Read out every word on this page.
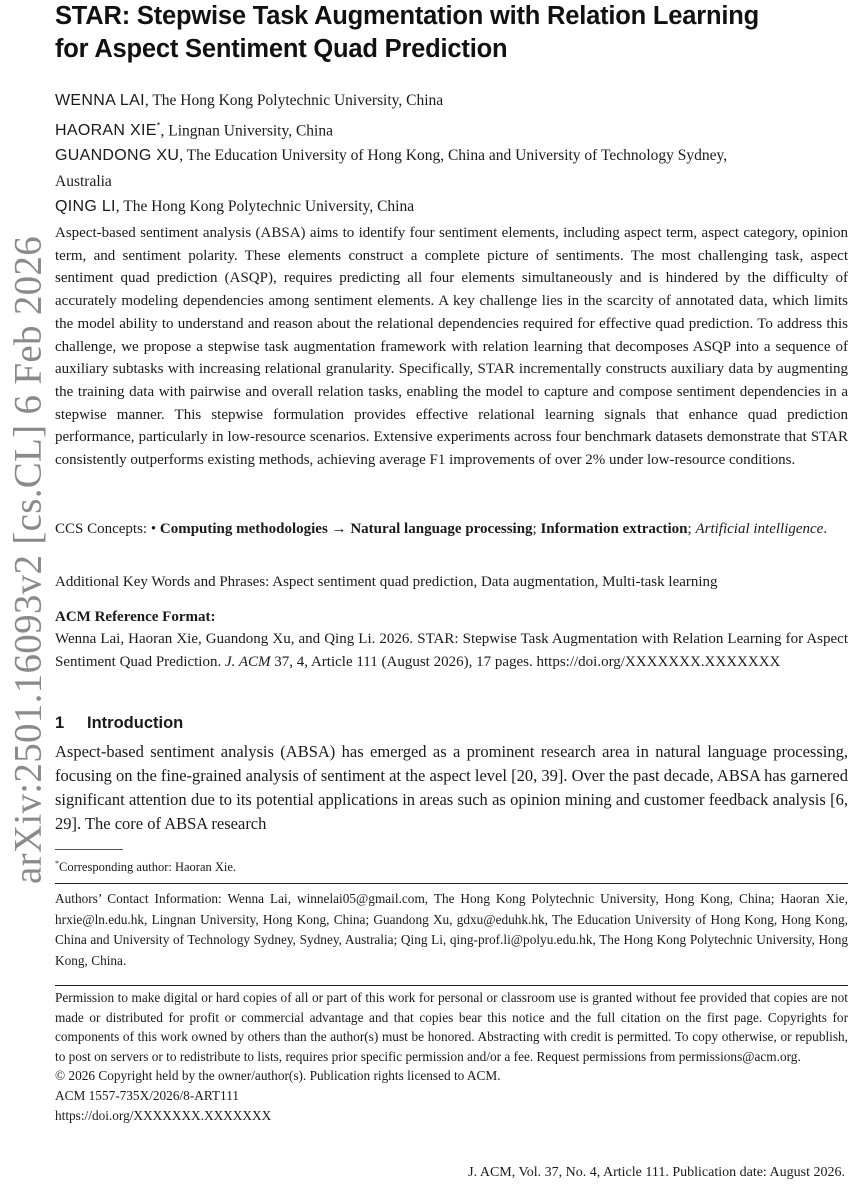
arXiv:2501.16093v2 [cs.CL] 6 Feb 2026
STAR: Stepwise Task Augmentation with Relation Learning
for Aspect Sentiment Quad Prediction
WENNA LAI, The Hong Kong Polytechnic University, China
HAORAN XIE*, Lingnan University, China
GUANDONG XU, The Education University of Hong Kong, China and University of Technology Sydney,
Australia
QING LI, The Hong Kong Polytechnic University, China
Aspect-based sentiment analysis (ABSA) aims to identify four sentiment elements, including aspect term, aspect category, opinion term, and sentiment polarity. These elements construct a complete picture of sentiments. The most challenging task, aspect sentiment quad prediction (ASQP), requires predicting all four elements simultaneously and is hindered by the difficulty of accurately modeling dependencies among sentiment elements. A key challenge lies in the scarcity of annotated data, which limits the model ability to understand and reason about the relational dependencies required for effective quad prediction. To address this challenge, we propose a stepwise task augmentation framework with relation learning that decomposes ASQP into a sequence of auxiliary subtasks with increasing relational granularity. Specifically, STAR incrementally constructs auxiliary data by augmenting the training data with pairwise and overall relation tasks, enabling the model to capture and compose sentiment dependencies in a stepwise manner. This stepwise formulation provides effective relational learning signals that enhance quad prediction performance, particularly in low-resource scenarios. Extensive experiments across four benchmark datasets demonstrate that STAR consistently outperforms existing methods, achieving average F1 improvements of over 2% under low-resource conditions.
CCS Concepts: • Computing methodologies → Natural language processing; Information extraction; Artificial intelligence.
Additional Key Words and Phrases: Aspect sentiment quad prediction, Data augmentation, Multi-task learning
ACM Reference Format:
Wenna Lai, Haoran Xie, Guandong Xu, and Qing Li. 2026. STAR: Stepwise Task Augmentation with Relation Learning for Aspect Sentiment Quad Prediction. J. ACM 37, 4, Article 111 (August 2026), 17 pages. https://doi.org/XXXXXXX.XXXXXXX
1 Introduction
Aspect-based sentiment analysis (ABSA) has emerged as a prominent research area in natural language processing, focusing on the fine-grained analysis of sentiment at the aspect level [20, 39]. Over the past decade, ABSA has garnered significant attention due to its potential applications in areas such as opinion mining and customer feedback analysis [6, 29]. The core of ABSA research
*Corresponding author: Haoran Xie.
Authors’ Contact Information: Wenna Lai, winnelai05@gmail.com, The Hong Kong Polytechnic University, Hong Kong, China; Haoran Xie, hrxie@ln.edu.hk, Lingnan University, Hong Kong, China; Guandong Xu, gdxu@eduhk.hk, The Education University of Hong Kong, Hong Kong, China and University of Technology Sydney, Sydney, Australia; Qing Li, qing-prof.li@polyu.edu.hk, The Hong Kong Polytechnic University, Hong Kong, China.
Permission to make digital or hard copies of all or part of this work for personal or classroom use is granted without fee provided that copies are not made or distributed for profit or commercial advantage and that copies bear this notice and the full citation on the first page. Copyrights for components of this work owned by others than the author(s) must be honored. Abstracting with credit is permitted. To copy otherwise, or republish, to post on servers or to redistribute to lists, requires prior specific permission and/or a fee. Request permissions from permissions@acm.org.
© 2026 Copyright held by the owner/author(s). Publication rights licensed to ACM.
ACM 1557-735X/2026/8-ART111
https://doi.org/XXXXXXX.XXXXXXX
J. ACM, Vol. 37, No. 4, Article 111. Publication date: August 2026.
